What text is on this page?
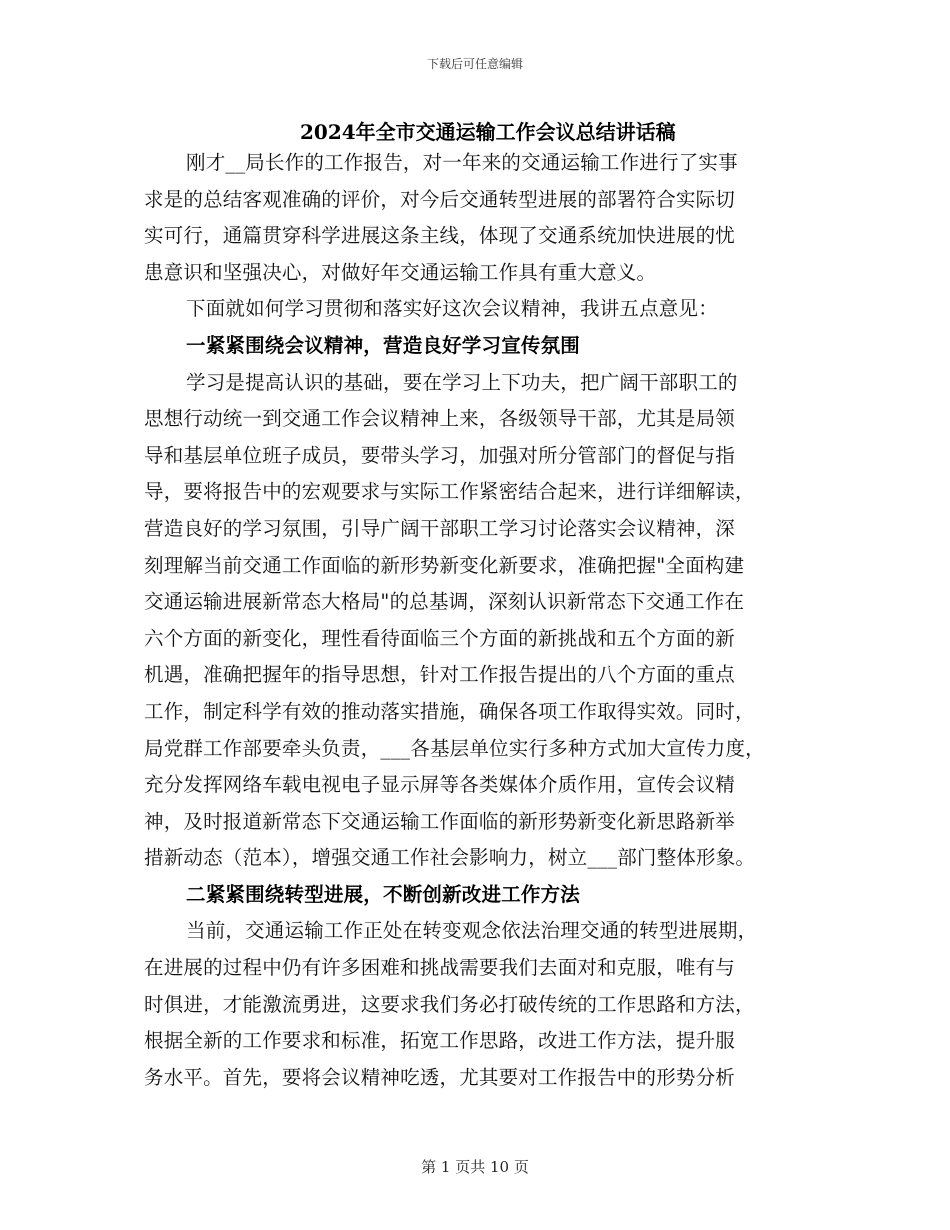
下载后可任意编辑
2024年全市交通运输工作会议总结讲话稿
刚才__局长作的工作报告，对一年来的交通运输工作进行了实事
求是的总结客观准确的评价，对今后交通转型进展的部署符合实际切
实可行，通篇贯穿科学进展这条主线，体现了交通系统加快进展的忧
患意识和坚强决心，对做好年交通运输工作具有重大意义。
下面就如何学习贯彻和落实好这次会议精神，我讲五点意见：
一紧紧围绕会议精神，营造良好学习宣传氛围
学习是提高认识的基础，要在学习上下功夫，把广阔干部职工的
思想行动统一到交通工作会议精神上来，各级领导干部，尤其是局领
导和基层单位班子成员，要带头学习，加强对所分管部门的督促与指
导，要将报告中的宏观要求与实际工作紧密结合起来，进行详细解读，
营造良好的学习氛围，引导广阔干部职工学习讨论落实会议精神，深
刻理解当前交通工作面临的新形势新变化新要求，准确把握"全面构建
交通运输进展新常态大格局"的总基调，深刻认识新常态下交通工作在
六个方面的新变化，理性看待面临三个方面的新挑战和五个方面的新
机遇，准确把握年的指导思想，针对工作报告提出的八个方面的重点
工作，制定科学有效的推动落实措施，确保各项工作取得实效。同时，
局党群工作部要牵头负责，___各基层单位实行多种方式加大宣传力度，
充分发挥网络车载电视电子显示屏等各类媒体介质作用，宣传会议精
神，及时报道新常态下交通运输工作面临的新形势新变化新思路新举
措新动态（范本），增强交通工作社会影响力，树立___部门整体形象。
二紧紧围绕转型进展，不断创新改进工作方法
当前，交通运输工作正处在转变观念依法治理交通的转型进展期，
在进展的过程中仍有许多困难和挑战需要我们去面对和克服，唯有与
时俱进，才能激流勇进，这要求我们务必打破传统的工作思路和方法，
根据全新的工作要求和标准，拓宽工作思路，改进工作方法，提升服
务水平。首先，要将会议精神吃透，尤其要对工作报告中的形势分析
第 1 页共 10 页
